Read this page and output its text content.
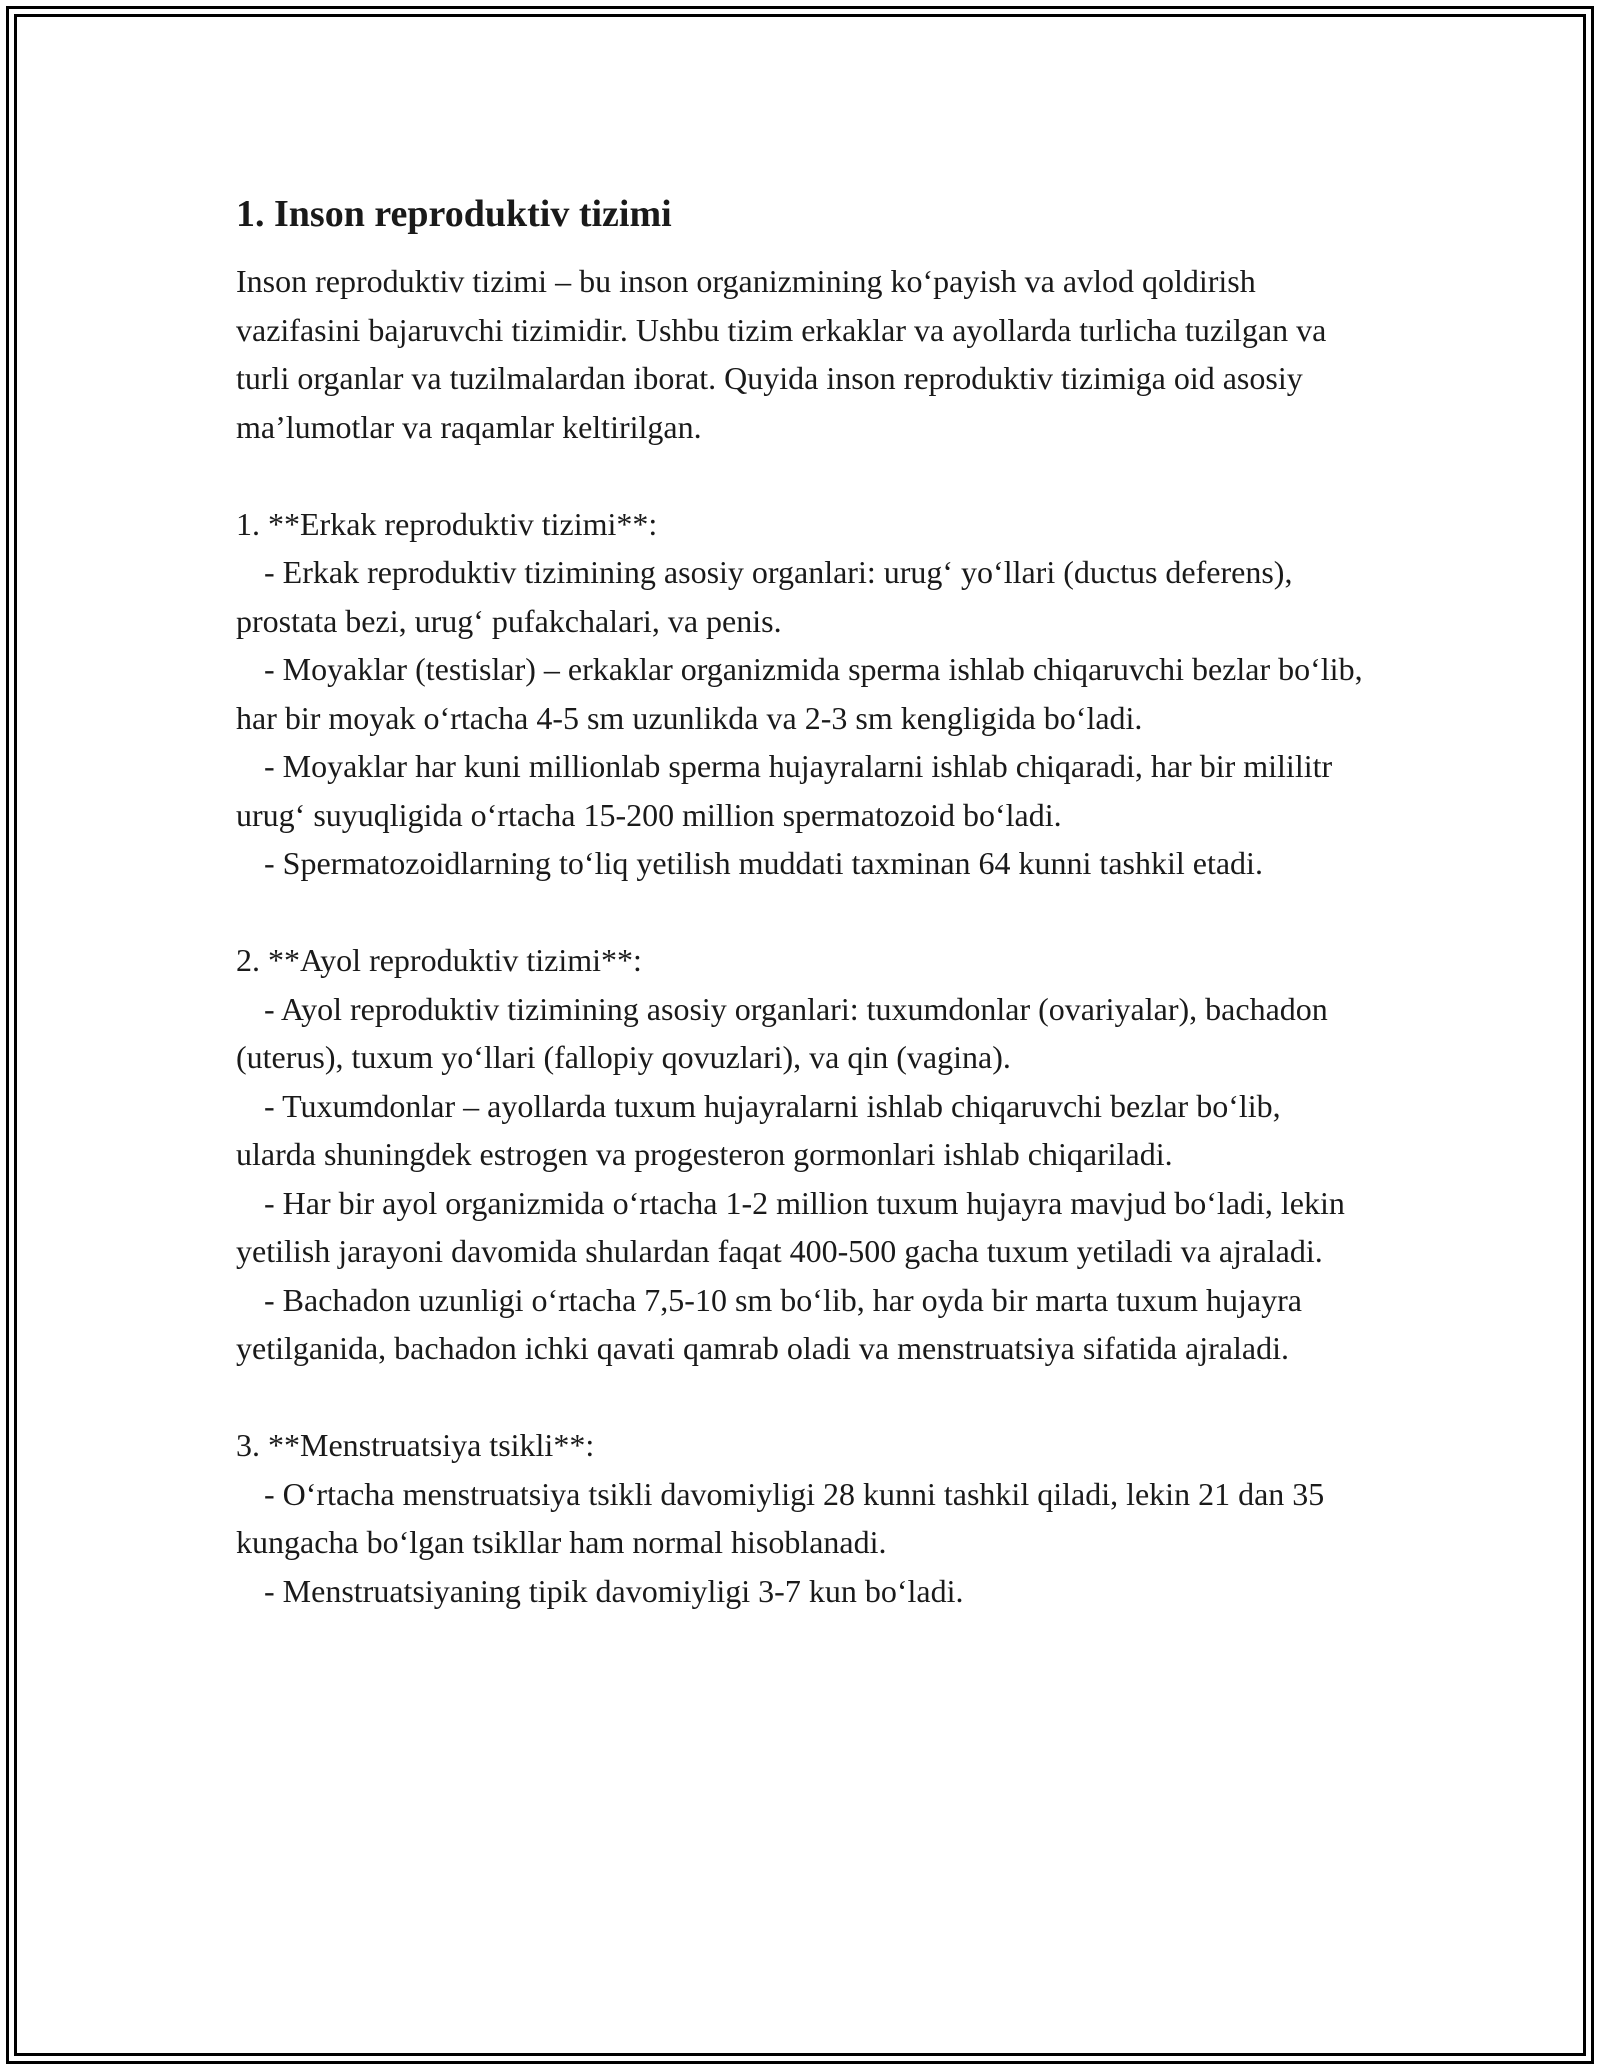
1. Inson reproduktiv tizimi

Inson reproduktiv tizimi – bu inson organizmining ko‘payish va avlod qoldirish vazifasini bajaruvchi tizimidir. Ushbu tizim erkaklar va ayollarda turlicha tuzilgan va turli organlar va tuzilmalardan iborat. Quyida inson reproduktiv tizimiga oid asosiy ma’lumotlar va raqamlar keltirilgan.

1. **Erkak reproduktiv tizimi**:

- Erkak reproduktiv tizimining asosiy organlari: urug‘ yo‘llari (ductus deferens), prostata bezi, urug‘ pufakchalari, va penis.

- Moyaklar (testislar) – erkaklar organizmida sperma ishlab chiqaruvchi bezlar bo‘lib, har bir moyak o‘rtacha 4-5 sm uzunlikda va 2-3 sm kengligida bo‘ladi.

- Moyaklar har kuni millionlab sperma hujayralarni ishlab chiqaradi, har bir mililitr urug‘ suyuqligida o‘rtacha 15-200 million spermatozoid bo‘ladi.

- Spermatozoidlarning to‘liq yetilish muddati taxminan 64 kunni tashkil etadi.

2. **Ayol reproduktiv tizimi**:

- Ayol reproduktiv tizimining asosiy organlari: tuxumdonlar (ovariyalar), bachadon (uterus), tuxum yo‘llari (fallopiy qovuzlari), va qin (vagina).

- Tuxumdonlar – ayollarda tuxum hujayralarni ishlab chiqaruvchi bezlar bo‘lib, ularda shuningdek estrogen va progesteron gormonlari ishlab chiqariladi.

- Har bir ayol organizmida o‘rtacha 1-2 million tuxum hujayra mavjud bo‘ladi, lekin yetilish jarayoni davomida shulardan faqat 400-500 gacha tuxum yetiladi va ajraladi.

- Bachadon uzunligi o‘rtacha 7,5-10 sm bo‘lib, har oyda bir marta tuxum hujayra yetilganida, bachadon ichki qavati qamrab oladi va menstruatsiya sifatida ajraladi.

3. **Menstruatsiya tsikli**:

- O‘rtacha menstruatsiya tsikli davomiyligi 28 kunni tashkil qiladi, lekin 21 dan 35 kungacha bo‘lgan tsikllar ham normal hisoblanadi.

- Menstruatsiyaning tipik davomiyligi 3-7 kun bo‘ladi.
